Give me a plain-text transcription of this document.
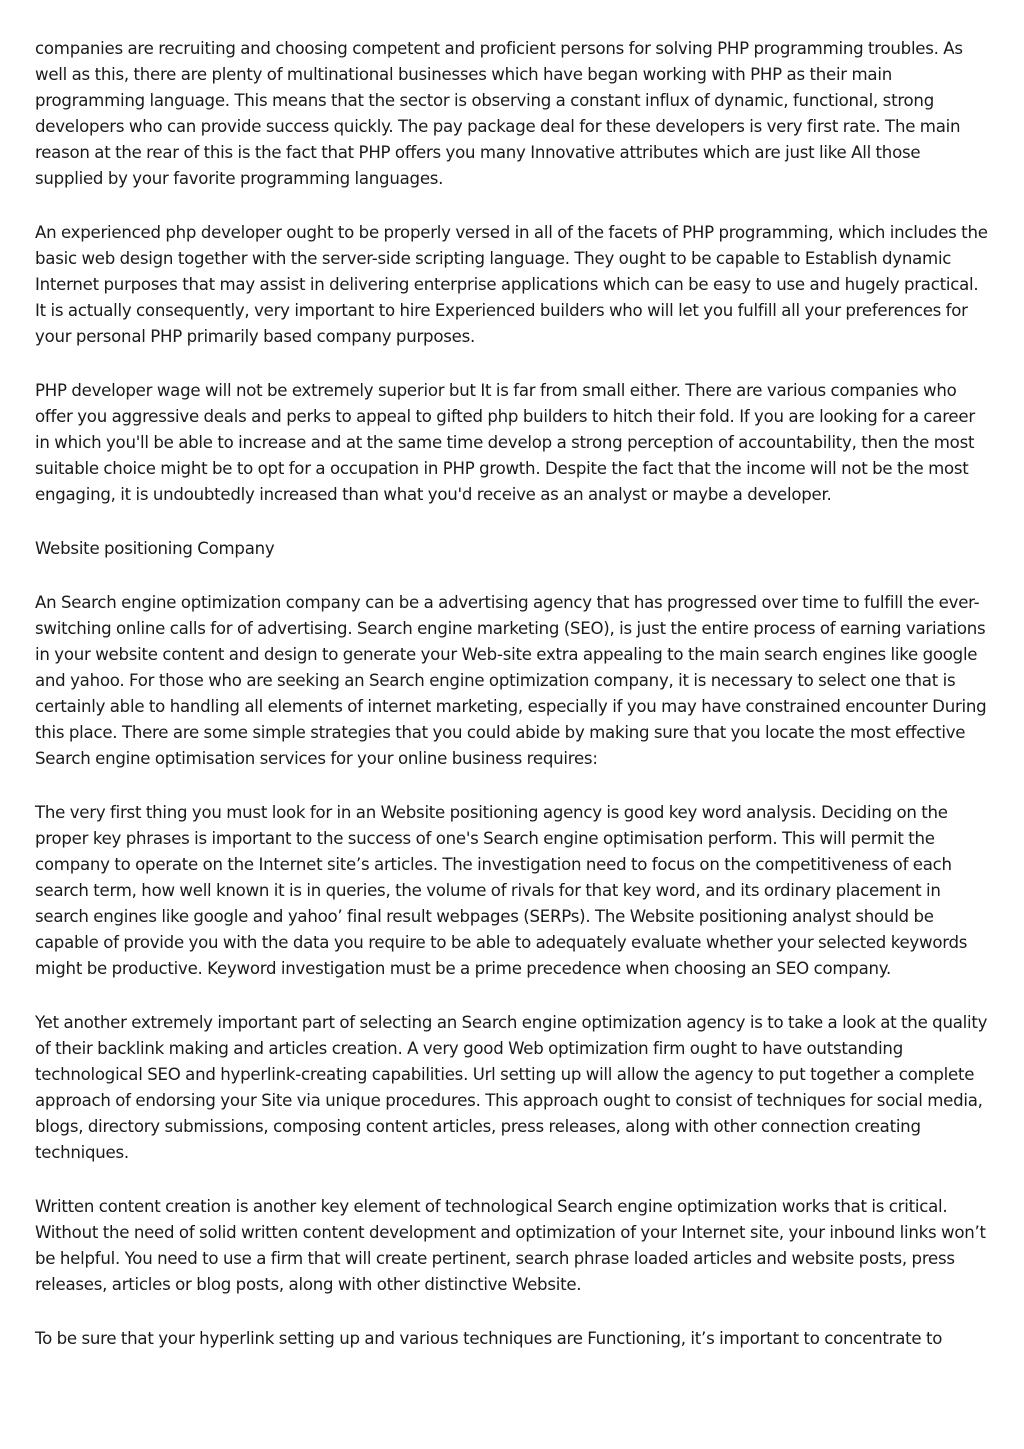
companies are recruiting and choosing competent and proficient persons for solving PHP programming troubles. As well as this, there are plenty of multinational businesses which have began working with PHP as their main programming language. This means that the sector is observing a constant influx of dynamic, functional, strong developers who can provide success quickly. The pay package deal for these developers is very first rate. The main reason at the rear of this is the fact that PHP offers you many Innovative attributes which are just like All those supplied by your favorite programming languages.

An experienced php developer ought to be properly versed in all of the facets of PHP programming, which includes the basic web design together with the server-side scripting language. They ought to be capable to Establish dynamic Internet purposes that may assist in delivering enterprise applications which can be easy to use and hugely practical. It is actually consequently, very important to hire Experienced builders who will let you fulfill all your preferences for your personal PHP primarily based company purposes.

PHP developer wage will not be extremely superior but It is far from small either. There are various companies who offer you aggressive deals and perks to appeal to gifted php builders to hitch their fold. If you are looking for a career in which you'll be able to increase and at the same time develop a strong perception of accountability, then the most suitable choice might be to opt for a occupation in PHP growth. Despite the fact that the income will not be the most engaging, it is undoubtedly increased than what you'd receive as an analyst or maybe a developer.

Website positioning Company

An Search engine optimization company can be a advertising agency that has progressed over time to fulfill the ever-switching online calls for of advertising. Search engine marketing (SEO), is just the entire process of earning variations in your website content and design to generate your Web-site extra appealing to the main search engines like google and yahoo. For those who are seeking an Search engine optimization company, it is necessary to select one that is certainly able to handling all elements of internet marketing, especially if you may have constrained encounter During this place. There are some simple strategies that you could abide by making sure that you locate the most effective Search engine optimisation services for your online business requires:

The very first thing you must look for in an Website positioning agency is good key word analysis. Deciding on the proper key phrases is important to the success of one's Search engine optimisation perform. This will permit the company to operate on the Internet site’s articles. The investigation need to focus on the competitiveness of each search term, how well known it is in queries, the volume of rivals for that key word, and its ordinary placement in search engines like google and yahoo’ final result webpages (SERPs). The Website positioning analyst should be capable of provide you with the data you require to be able to adequately evaluate whether your selected keywords might be productive. Keyword investigation must be a prime precedence when choosing an SEO company.

Yet another extremely important part of selecting an Search engine optimization agency is to take a look at the quality of their backlink making and articles creation. A very good Web optimization firm ought to have outstanding technological SEO and hyperlink-creating capabilities. Url setting up will allow the agency to put together a complete approach of endorsing your Site via unique procedures. This approach ought to consist of techniques for social media, blogs, directory submissions, composing content articles, press releases, along with other connection creating techniques.

Written content creation is another key element of technological Search engine optimization works that is critical. Without the need of solid written content development and optimization of your Internet site, your inbound links won’t be helpful. You need to use a firm that will create pertinent, search phrase loaded articles and website posts, press releases, articles or blog posts, along with other distinctive Website.

To be sure that your hyperlink setting up and various techniques are Functioning, it’s important to concentrate to
